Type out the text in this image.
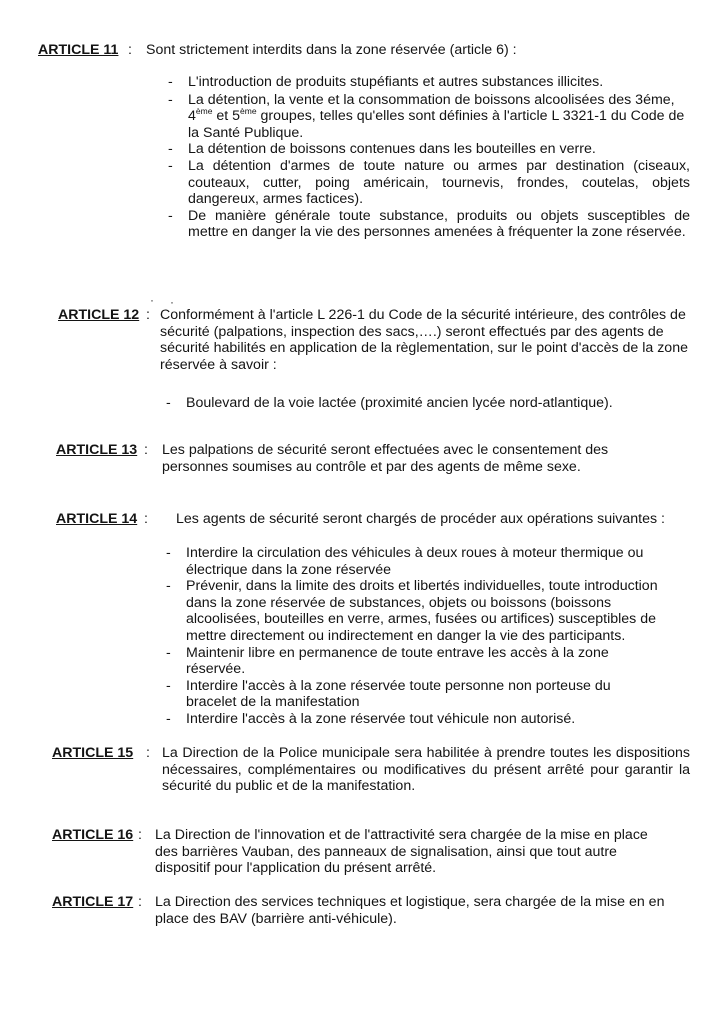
ARTICLE 11 : Sont strictement interdits dans la zone réservée (article 6) :
- L'introduction de produits stupéfiants et autres substances illicites.
- La détention, la vente et la consommation de boissons alcoolisées des 3éme,
4ème et 5ème groupes, telles qu'elles sont définies à l'article L 3321-1 du Code de la Santé Publique.
- La détention de boissons contenues dans les bouteilles en verre.
- La détention d'armes de toute nature ou armes par destination (ciseaux, couteaux, cutter, poing américain, tournevis, frondes, coutelas, objets dangereux, armes factices).
- De manière générale toute substance, produits ou objets susceptibles de mettre en danger la vie des personnes amenées à fréquenter la zone réservée.
· ·
ARTICLE 12 : Conformément à l'article L 226-1 du Code de la sécurité intérieure, des contrôles de sécurité (palpations, inspection des sacs,….) seront effectués par des agents de sécurité habilités en application de la règlementation, sur le point d'accès de la zone réservée à savoir :
- Boulevard de la voie lactée (proximité ancien lycée nord-atlantique).
ARTICLE 13 : Les palpations de sécurité seront effectuées avec le consentement des personnes soumises au contrôle et par des agents de même sexe.
ARTICLE 14 : Les agents de sécurité seront chargés de procéder aux opérations suivantes :
- Interdire la circulation des véhicules à deux roues à moteur thermique ou électrique dans la zone réservée
- Prévenir, dans la limite des droits et libertés individuelles, toute introduction dans la zone réservée de substances, objets ou boissons (boissons alcoolisées, bouteilles en verre, armes, fusées ou artifices) susceptibles de mettre directement ou indirectement en danger la vie des participants.
- Maintenir libre en permanence de toute entrave les accès à la zone réservée.
- Interdire l'accès à la zone réservée toute personne non porteuse du bracelet de la manifestation
- Interdire l'accès à la zone réservée tout véhicule non autorisé.
ARTICLE 15 : La Direction de la Police municipale sera habilitée à prendre toutes les dispositions nécessaires, complémentaires ou modificatives du présent arrêté pour garantir la sécurité du public et de la manifestation.
ARTICLE 16 : La Direction de l'innovation et de l'attractivité sera chargée de la mise en place des barrières Vauban, des panneaux de signalisation, ainsi que tout autre dispositif pour l'application du présent arrêté.
ARTICLE 17 : La Direction des services techniques et logistique, sera chargée de la mise en en place des BAV (barrière anti-véhicule).
